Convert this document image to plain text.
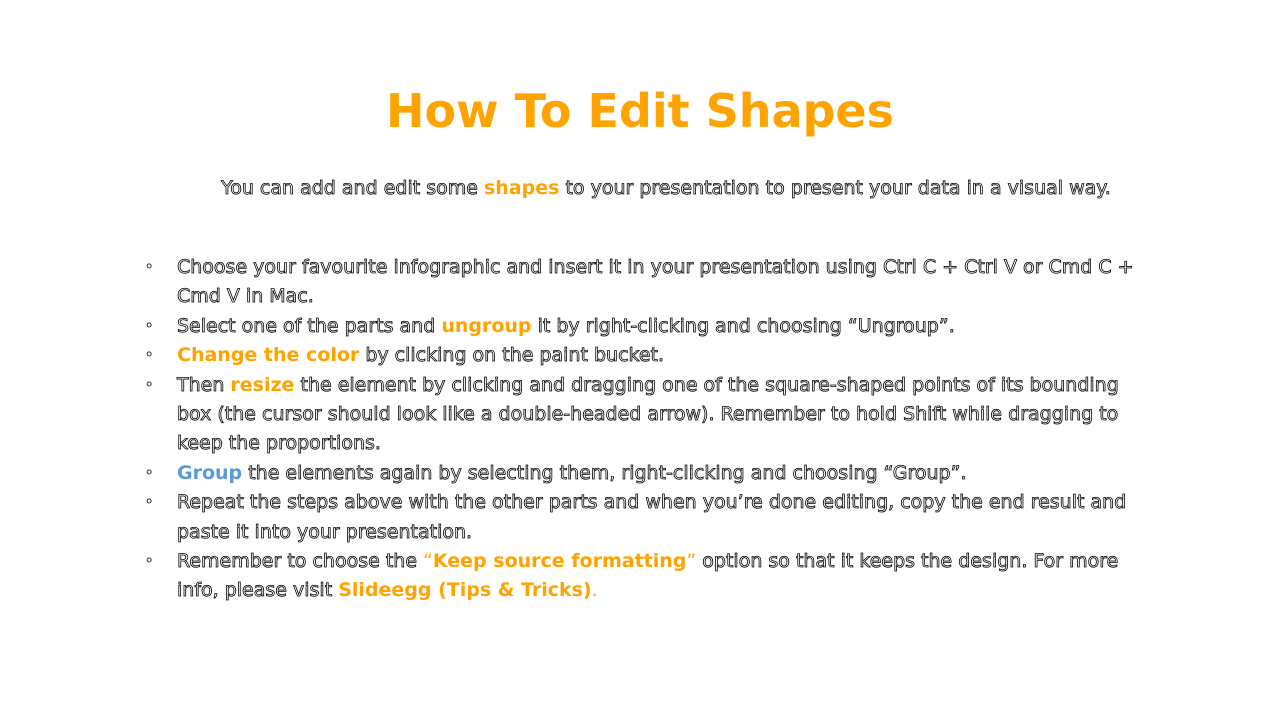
How To Edit Shapes

You can add and edit some shapes to your presentation to present your data in a visual way.

• Choose your favourite infographic and insert it in your presentation using Ctrl C + Ctrl V or Cmd C + Cmd V in Mac.
• Select one of the parts and ungroup it by right-clicking and choosing “Ungroup”.
• Change the color by clicking on the paint bucket.
• Then resize the element by clicking and dragging one of the square-shaped points of its bounding box (the cursor should look like a double-headed arrow). Remember to hold Shift while dragging to keep the proportions.
• Group the elements again by selecting them, right-clicking and choosing “Group”.
• Repeat the steps above with the other parts and when you’re done editing, copy the end result and paste it into your presentation.
• Remember to choose the “Keep source formatting” option so that it keeps the design. For more info, please visit Slideegg (Tips & Tricks).
